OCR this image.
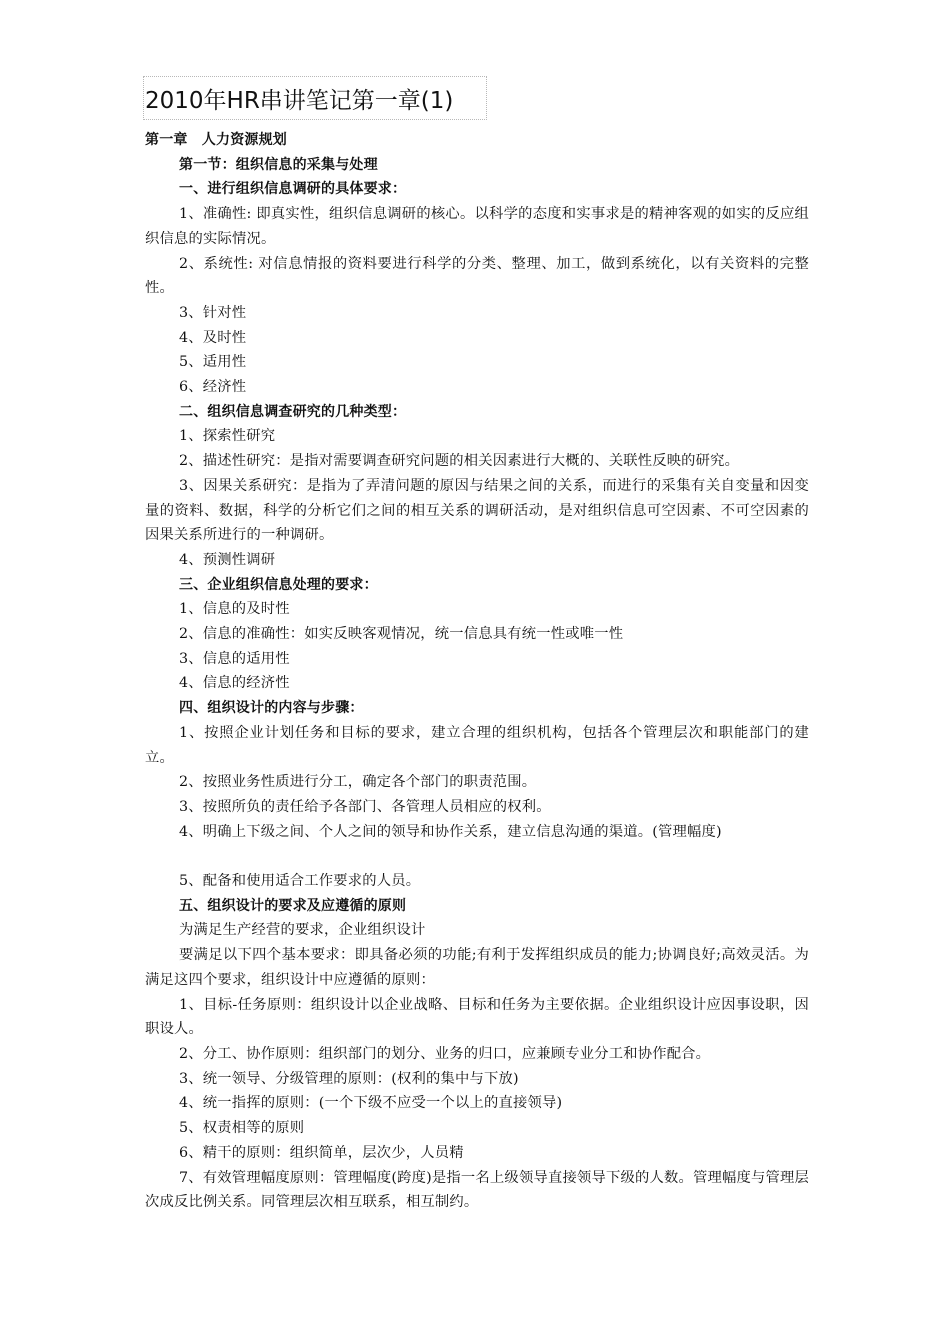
2010年HR串讲笔记第一章(1)

第一章　人力资源规划

第一节：组织信息的采集与处理

一、进行组织信息调研的具体要求：

1、准确性: 即真实性，组织信息调研的核心。以科学的态度和实事求是的精神客观的如实的反应组织信息的实际情况。

2、系统性: 对信息情报的资料要进行科学的分类、整理、加工，做到系统化，以有关资料的完整性。

3、针对性

4、及时性

5、适用性

6、经济性

二、组织信息调查研究的几种类型：

1、探索性研究

2、描述性研究：是指对需要调查研究问题的相关因素进行大概的、关联性反映的研究。

3、因果关系研究：是指为了弄清问题的原因与结果之间的关系，而进行的采集有关自变量和因变量的资料、数据，科学的分析它们之间的相互关系的调研活动，是对组织信息可空因素、不可空因素的因果关系所进行的一种调研。

4、预测性调研

三、企业组织信息处理的要求：

1、信息的及时性

2、信息的准确性：如实反映客观情况，统一信息具有统一性或唯一性

3、信息的适用性

4、信息的经济性

四、组织设计的内容与步骤：

1、按照企业计划任务和目标的要求，建立合理的组织机构，包括各个管理层次和职能部门的建立。

2、按照业务性质进行分工，确定各个部门的职责范围。

3、按照所负的责任给予各部门、各管理人员相应的权利。

4、明确上下级之间、个人之间的领导和协作关系，建立信息沟通的渠道。(管理幅度)

5、配备和使用适合工作要求的人员。

五、组织设计的要求及应遵循的原则

为满足生产经营的要求，企业组织设计

要满足以下四个基本要求：即具备必须的功能;有利于发挥组织成员的能力;协调良好;高效灵活。为满足这四个要求，组织设计中应遵循的原则：

1、目标-任务原则：组织设计以企业战略、目标和任务为主要依据。企业组织设计应因事设职，因职设人。

2、分工、协作原则：组织部门的划分、业务的归口，应兼顾专业分工和协作配合。

3、统一领导、分级管理的原则：(权利的集中与下放)

4、统一指挥的原则：(一个下级不应受一个以上的直接领导)

5、权责相等的原则

6、精干的原则：组织简单，层次少，人员精

7、有效管理幅度原则：管理幅度(跨度)是指一名上级领导直接领导下级的人数。管理幅度与管理层次成反比例关系。同管理层次相互联系，相互制约。
